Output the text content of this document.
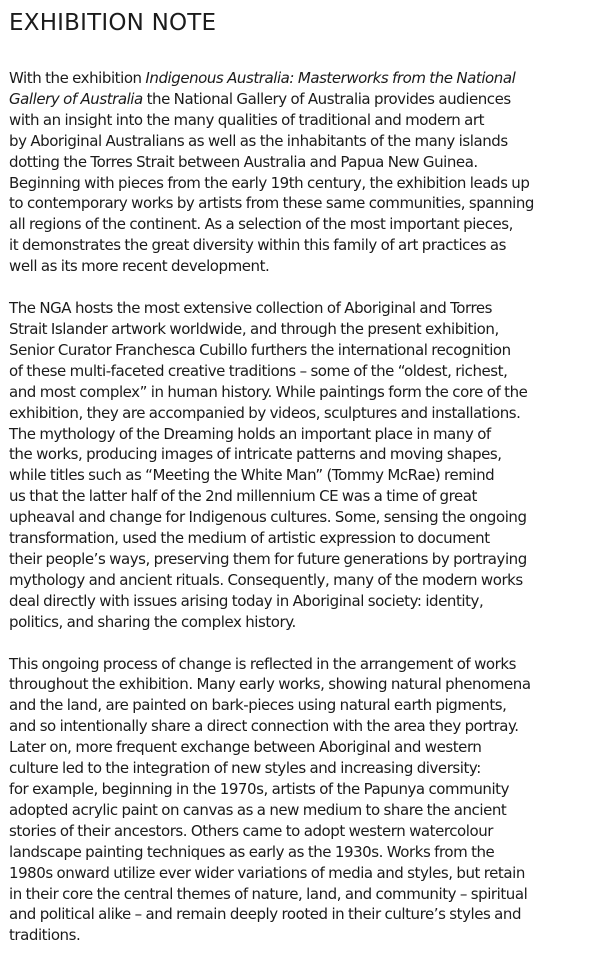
EXHIBITION NOTE

With the exhibition Indigenous Australia: Masterworks from the National
Gallery of Australia the National Gallery of Australia provides audiences
with an insight into the many qualities of traditional and modern art
by Aboriginal Australians as well as the inhabitants of the many islands
dotting the Torres Strait between Australia and Papua New Guinea.
Beginning with pieces from the early 19th century, the exhibition leads up
to contemporary works by artists from these same communities, spanning
all regions of the continent. As a selection of the most important pieces,
it demonstrates the great diversity within this family of art practices as
well as its more recent development.

The NGA hosts the most extensive collection of Aboriginal and Torres
Strait Islander artwork worldwide, and through the present exhibition,
Senior Curator Franchesca Cubillo furthers the international recognition
of these multi-faceted creative traditions – some of the “oldest, richest,
and most complex” in human history. While paintings form the core of the
exhibition, they are accompanied by videos, sculptures and installations.
The mythology of the Dreaming holds an important place in many of
the works, producing images of intricate patterns and moving shapes,
while titles such as “Meeting the White Man” (Tommy McRae) remind
us that the latter half of the 2nd millennium CE was a time of great
upheaval and change for Indigenous cultures. Some, sensing the ongoing
transformation, used the medium of artistic expression to document
their people’s ways, preserving them for future generations by portraying
mythology and ancient rituals. Consequently, many of the modern works
deal directly with issues arising today in Aboriginal society: identity,
politics, and sharing the complex history.

This ongoing process of change is reflected in the arrangement of works
throughout the exhibition. Many early works, showing natural phenomena
and the land, are painted on bark-pieces using natural earth pigments,
and so intentionally share a direct connection with the area they portray.
Later on, more frequent exchange between Aboriginal and western
culture led to the integration of new styles and increasing diversity:
for example, beginning in the 1970s, artists of the Papunya community
adopted acrylic paint on canvas as a new medium to share the ancient
stories of their ancestors. Others came to adopt western watercolour
landscape painting techniques as early as the 1930s. Works from the
1980s onward utilize ever wider variations of media and styles, but retain
in their core the central themes of nature, land, and community – spiritual
and political alike – and remain deeply rooted in their culture’s styles and
traditions.
